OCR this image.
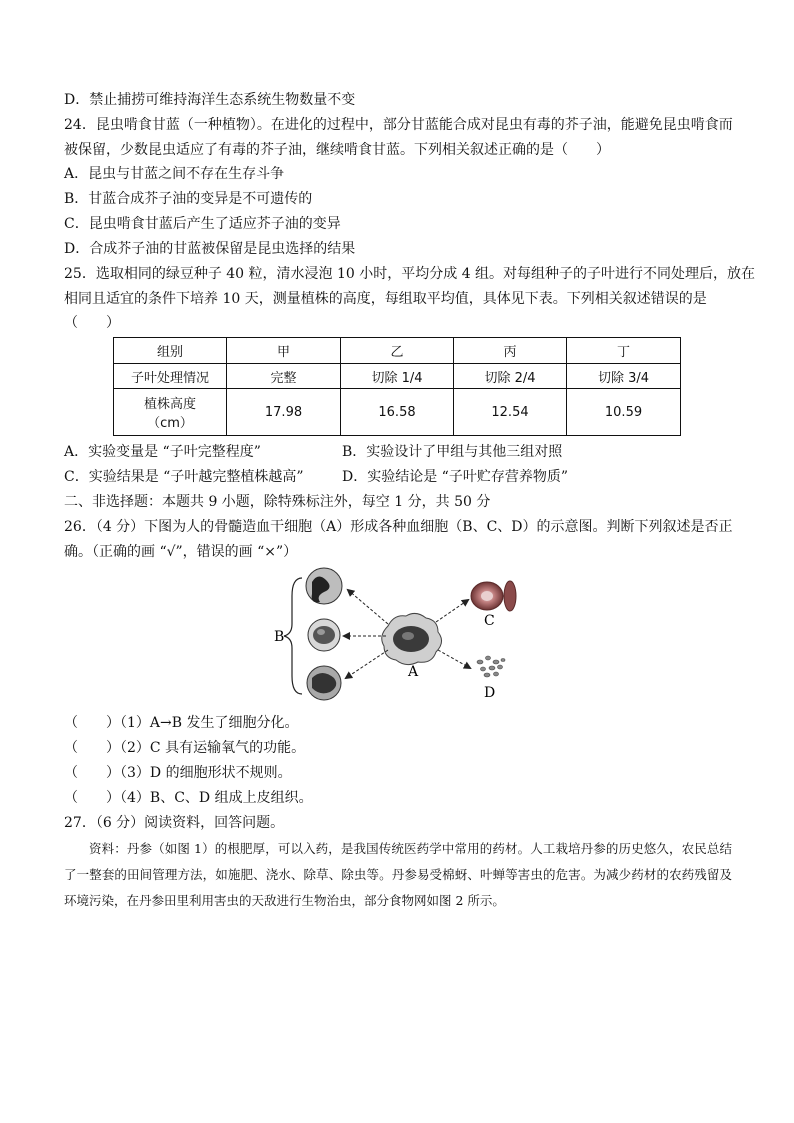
D．禁止捕捞可维持海洋生态系统生物数量不变
24．昆虫啃食甘蓝（一种植物）。在进化的过程中，部分甘蓝能合成对昆虫有毒的芥子油，能避免昆虫啃食而
被保留，少数昆虫适应了有毒的芥子油，继续啃食甘蓝。下列相关叙述正确的是（　　）
A．昆虫与甘蓝之间不存在生存斗争
B．甘蓝合成芥子油的变异是不可遗传的
C．昆虫啃食甘蓝后产生了适应芥子油的变异
D．合成芥子油的甘蓝被保留是昆虫选择的结果
25．选取相同的绿豆种子 40 粒，清水浸泡 10 小时，平均分成 4 组。对每组种子的子叶进行不同处理后，放在
相同且适宜的条件下培养 10 天，测量植株的高度，每组取平均值，具体见下表。下列相关叙述错误的是
（　　）
组别	甲	乙	丙	丁
子叶处理情况	完整	切除 1/4	切除 2/4	切除 3/4

植株高度
（cm）	17.98	16.58	12.54	10.59
A．实验变量是 “子叶完整程度”	B．实验设计了甲组与其他三组对照
C．实验结果是 “子叶越完整植株越高”	D．实验结论是 “子叶贮存营养物质”
二、非选择题：本题共 9 小题，除特殊标注外，每空 1 分，共 50 分
26．（4 分）下图为人的骨髓造血干细胞（A）形成各种血细胞（B、C、D）的示意图。判断下列叙述是否正
确。（正确的画 “√”，错误的画 “×”）
B
A
C
D
（　　）（1）A→B 发生了细胞分化。
（　　）（2）C 具有运输氧气的功能。
（　　）（3）D 的细胞形状不规则。
（　　）（4）B、C、D 组成上皮组织。
27．（6 分）阅读资料，回答问题。
资料：丹参（如图 1）的根肥厚，可以入药，是我国传统医药学中常用的药材。人工栽培丹参的历史悠久，农民总结了一整套的田间管理方法，如施肥、浇水、除草、除虫等。丹参易受棉蚜、叶蝉等害虫的危害。为减少药材的农药残留及环境污染，在丹参田里利用害虫的天敌进行生物治虫，部分食物网如图 2 所示。
